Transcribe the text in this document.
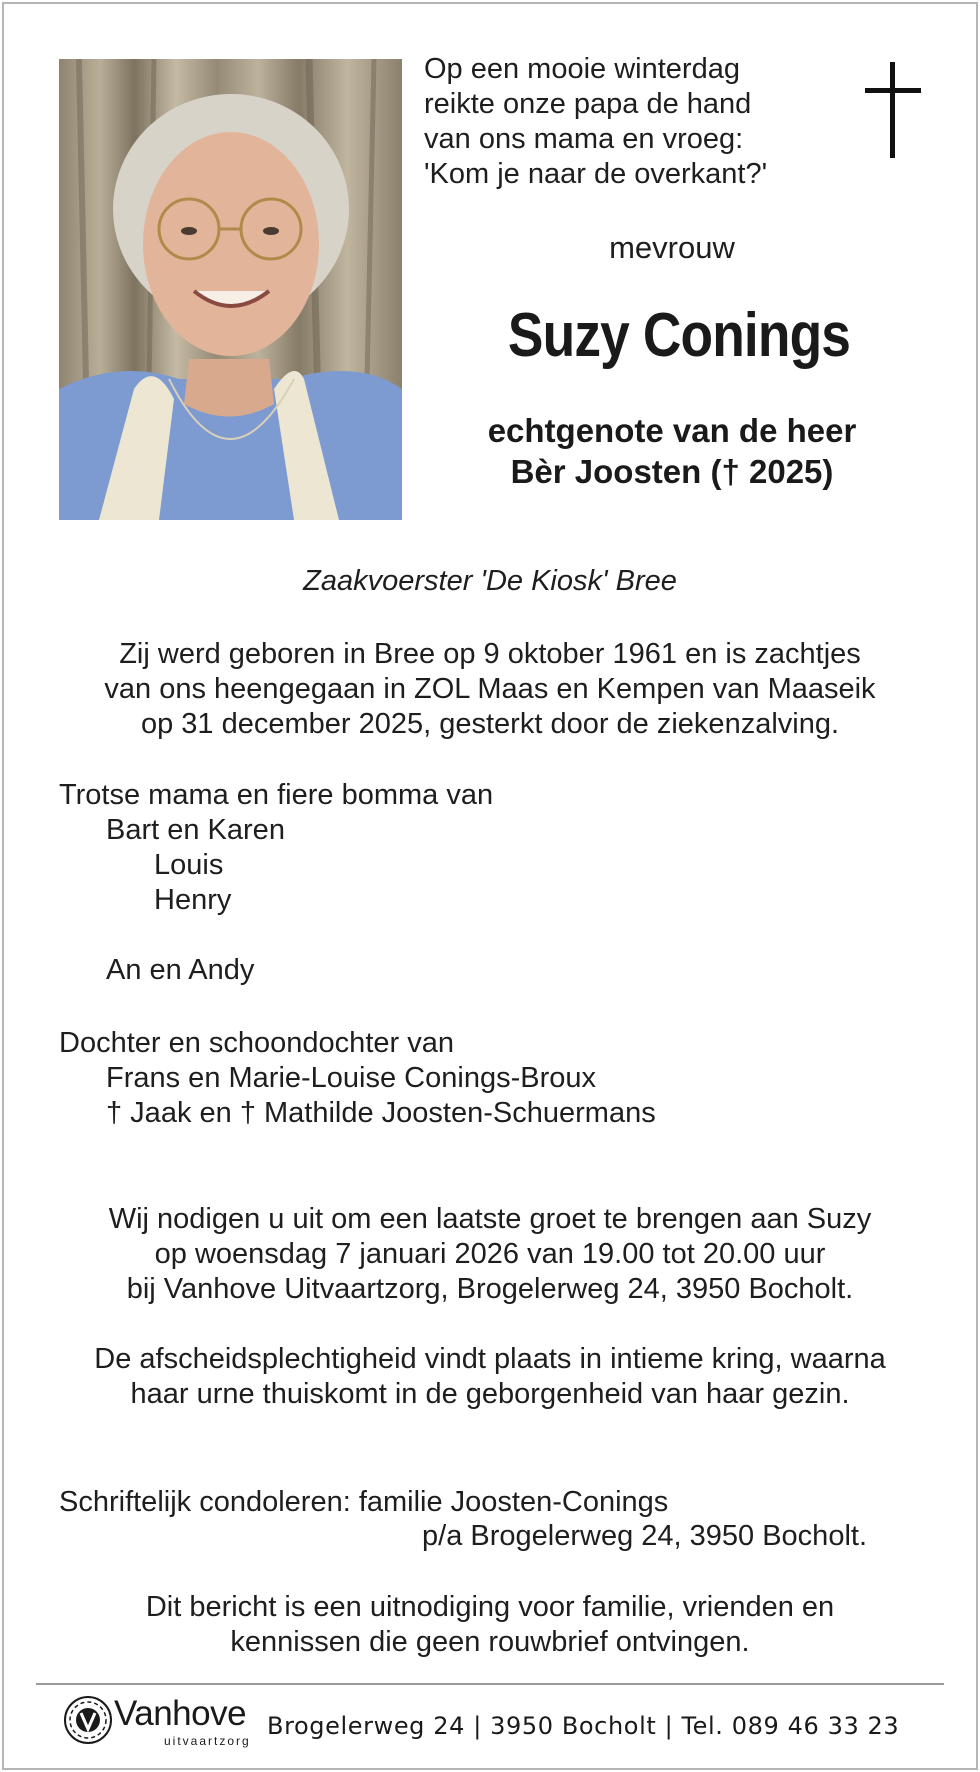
Op een mooie winterdag
reikte onze papa de hand
van ons mama en vroeg:
'Kom je naar de overkant?'
mevrouw
Suzy Conings
echtgenote van de heer
Bèr Joosten († 2025)
Zaakvoerster 'De Kiosk' Bree
Zij werd geboren in Bree op 9 oktober 1961 en is zachtjes
van ons heengegaan in ZOL Maas en Kempen van Maaseik
op 31 december 2025, gesterkt door de ziekenzalving.
Trotse mama en fiere bomma van
Bart en Karen
Louis
Henry
An en Andy
Dochter en schoondochter van
Frans en Marie-Louise Conings-Broux
† Jaak en † Mathilde Joosten-Schuermans
Wij nodigen u uit om een laatste groet te brengen aan Suzy
op woensdag 7 januari 2026 van 19.00 tot 20.00 uur
bij Vanhove Uitvaartzorg, Brogelerweg 24, 3950 Bocholt.
De afscheidsplechtigheid vindt plaats in intieme kring, waarna
haar urne thuiskomt in de geborgenheid van haar gezin.
Schriftelijk condoleren: familie Joosten-Conings
p/a Brogelerweg 24, 3950 Bocholt.
Dit bericht is een uitnodiging voor familie, vrienden en
kennissen die geen rouwbrief ontvingen.
Vanhove
uitvaartzorg
Brogelerweg 24 | 3950 Bocholt | Tel. 089 46 33 23
